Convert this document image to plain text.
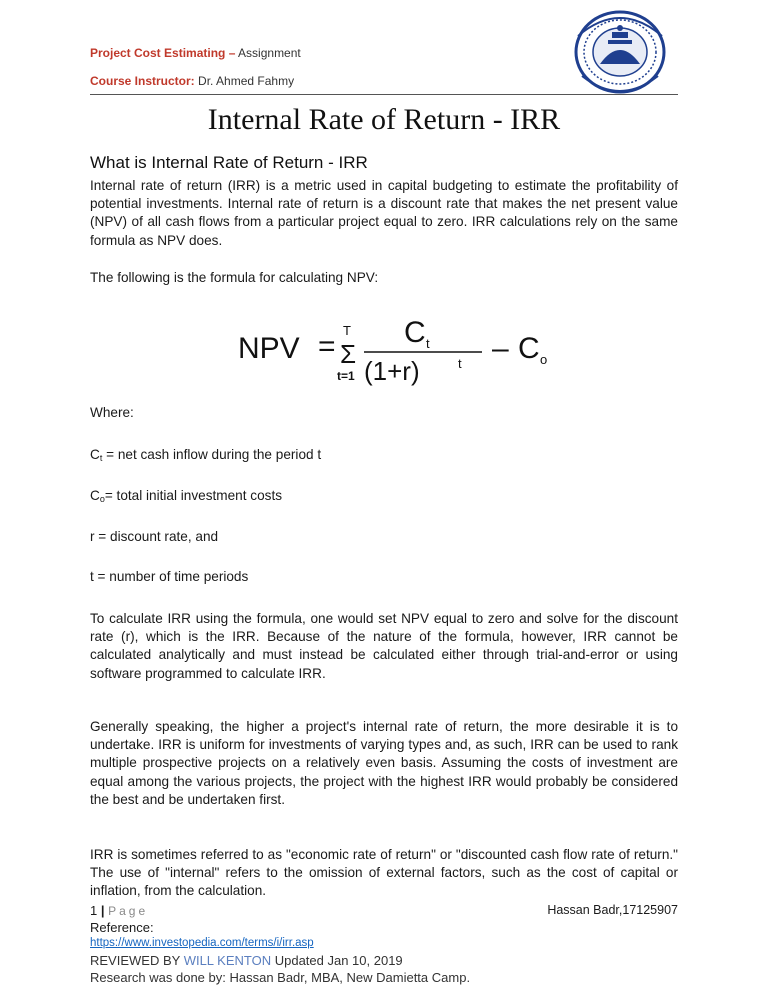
Project Cost Estimating – Assignment
Course Instructor: Dr. Ahmed Fahmy
Internal Rate of Return - IRR
What is Internal Rate of Return - IRR
Internal rate of return (IRR) is a metric used in capital budgeting to estimate the profitability of potential investments. Internal rate of return is a discount rate that makes the net present value (NPV) of all cash flows from a particular project equal to zero. IRR calculations rely on the same formula as NPV does.
The following is the formula for calculating NPV:
NPV = T
Σ
t=1
C t
(1+r)	t – C o
Where:
$C_t$ = net cash inflow during the period t
$C_o=$ total initial investment costs
r = discount rate, and
t = number of time periods
To calculate IRR using the formula, one would set NPV equal to zero and solve for the discount rate (r), which is the IRR. Because of the nature of the formula, however, IRR cannot be calculated analytically and must instead be calculated either through trial-and-error or using software programmed to calculate IRR.
Generally speaking, the higher a project's internal rate of return, the more desirable it is to undertake. IRR is uniform for investments of varying types and, as such, IRR can be used to rank multiple prospective projects on a relatively even basis. Assuming the costs of investment are equal among the various projects, the project with the highest IRR would probably be considered the best and be undertaken first.
IRR is sometimes referred to as "economic rate of return" or "discounted cash flow rate of return." The use of "internal" refers to the omission of external factors, such as the cost of capital or inflation, from the calculation.
1 | Page	Hassan Badr,17125907
Reference:
https://www.investopedia.com/terms/i/irr.asp
REVIEWED BY WILL KENTON Updated Jan 10, 2019
Research was done by: Hassan Badr, MBA, New Damietta Camp.
